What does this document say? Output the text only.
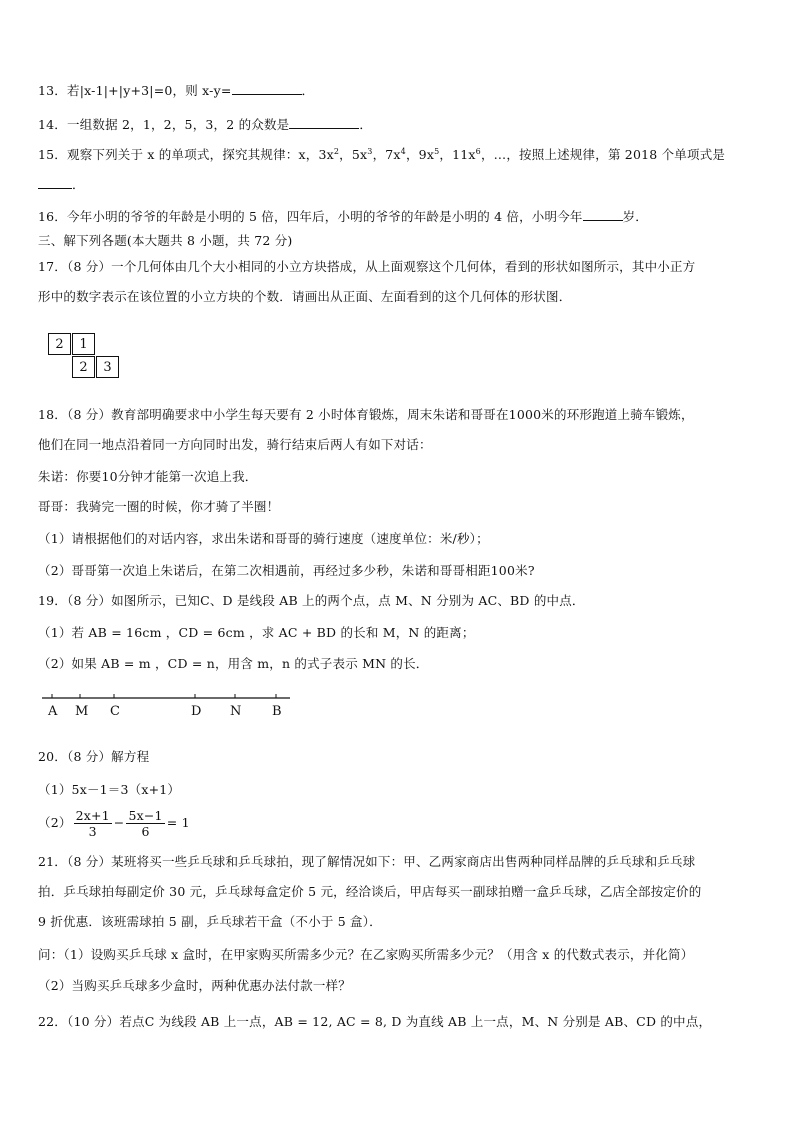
13．若|x-1|+|y+3|=0，则 x-y=	．
14．一组数据 2，1，2，5，3，2 的众数是	．
15．观察下列关于 x 的单项式，探究其规律：x，$3x^2$，$5x^3$，$7x^4$，$9x^5$，$11x^6$，…，按照上述规律，第 2018 个单项式是
．
16．今年小明的爷爷的年龄是小明的 5 倍，四年后，小明的爷爷的年龄是小明的 4 倍，小明今年	岁．
三、解下列各题(本大题共 8 小题，共 72 分)
17．（8 分）一个几何体由几个大小相同的小立方块搭成，从上面观察这个几何体，看到的形状如图所示，其中小正方
形中的数字表示在该位置的小立方块的个数．请画出从正面、左面看到的这个几何体的形状图．
2	1
2	3
18．（8 分）教育部明确要求中小学生每天要有 2 小时体育锻炼，周末朱诺和哥哥在1000米的环形跑道上骑车锻炼，
他们在同一地点沿着同一方向同时出发，骑行结束后两人有如下对话：
朱诺：你要10分钟才能第一次追上我．
哥哥：我骑完一圈的时候，你才骑了半圈！
（1）请根据他们的对话内容，求出朱诺和哥哥的骑行速度（速度单位：米/秒）；
（2）哥哥第一次追上朱诺后，在第二次相遇前，再经过多少秒，朱诺和哥哥相距100米?
19．（8 分）如图所示，已知C、D 是线段 AB 上的两个点，点 M、N 分别为 AC、BD 的中点．
（1）若 AB = 16cm ，CD = 6cm ，求 AC + BD 的长和 M，N 的距离；
（2）如果 AB = m ，CD = n，用含 m，n 的式子表示 MN 的长．
A M C	D N B
20．（8 分）解方程
（1）5x－1＝3（x+1）
$(2) \frac{2x+1}{3} - \frac{5x-1}{6} = 1$
21．（8 分）某班将买一些乒乓球和乒乓球拍，现了解情况如下：甲、乙两家商店出售两种同样品牌的乒乓球和乒乓球
拍．乒乓球拍每副定价 30 元，乒乓球每盒定价 5 元，经洽谈后，甲店每买一副球拍赠一盒乒乓球，乙店全部按定价的
9 折优惠．该班需球拍 5 副，乒乓球若干盒（不小于 5 盒）．
问：（1）设购买乒乓球 x 盒时，在甲家购买所需多少元？在乙家购买所需多少元？（用含 x 的代数式表示，并化简）
（2）当购买乒乓球多少盒时，两种优惠办法付款一样？
22．（10 分）若点C 为线段 AB 上一点，AB = 12, AC = 8, D 为直线 AB 上一点，M、N 分别是 AB、CD 的中点，
